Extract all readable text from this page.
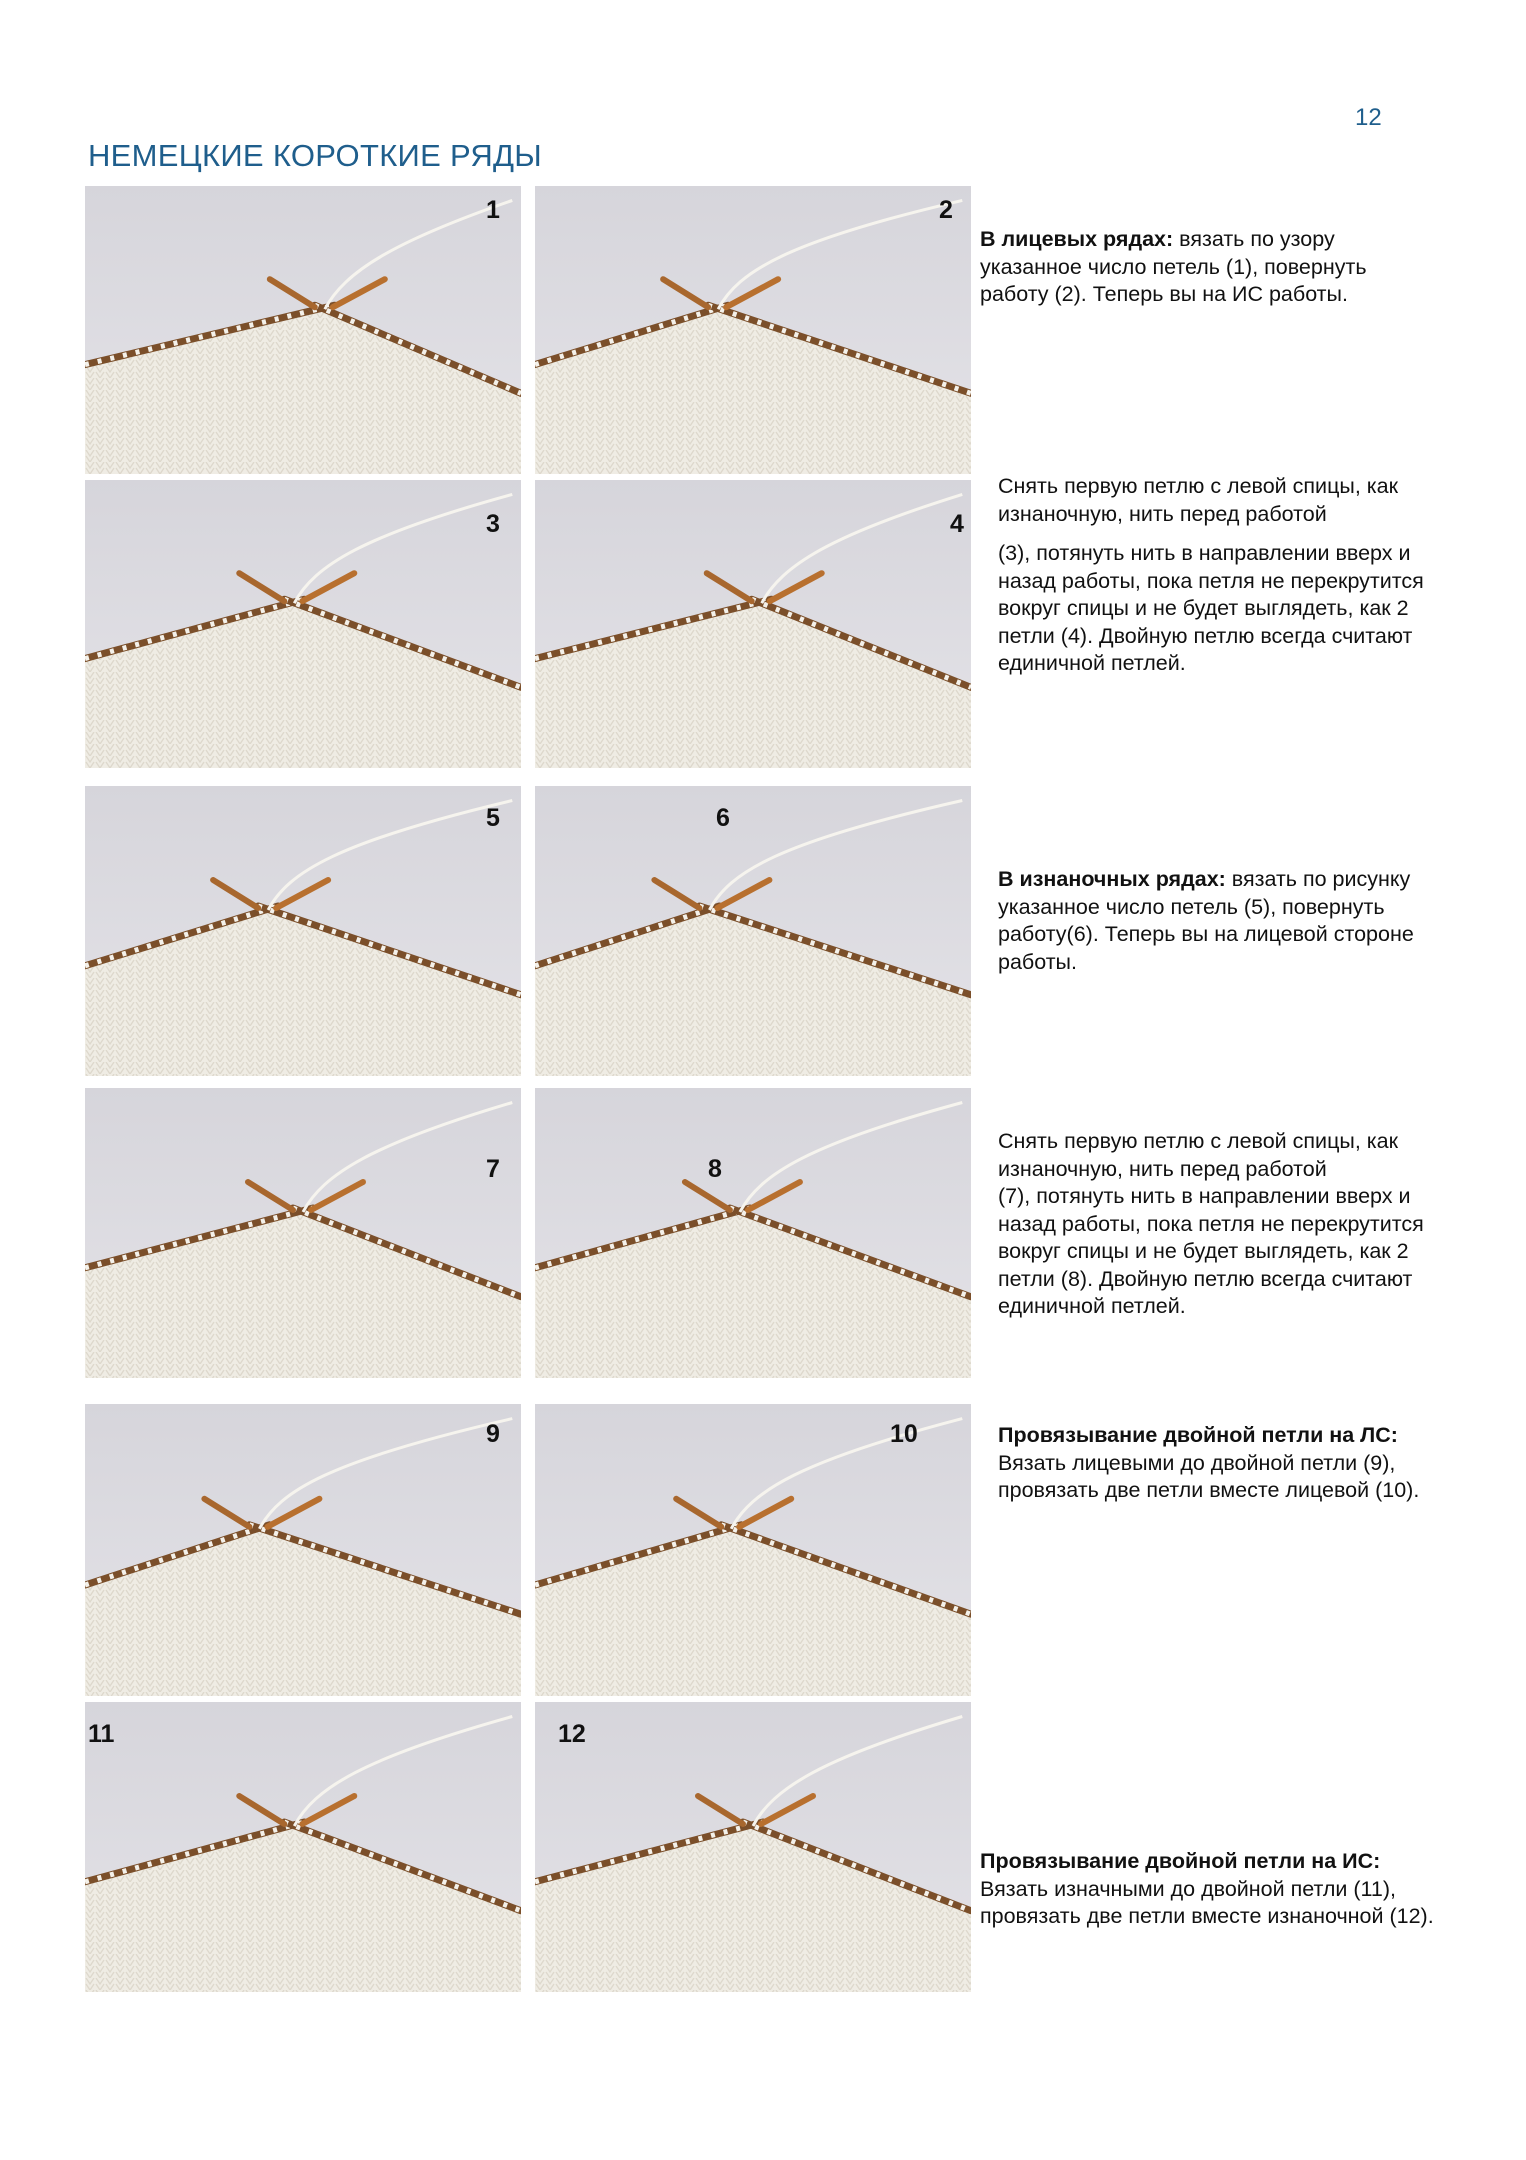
12
НЕМЕЦКИЕ КОРОТКИЕ РЯДЫ
1	2
3	4
5	6
7	8
9	10
11	12

В лицевых рядах: вязать по узору указанное число петель (1), повернуть работу (2). Теперь вы на ИС работы.

Снять первую петлю с левой спицы, как изнаночную, нить перед работой

(3), потянуть нить в направлении вверх и назад работы, пока петля не перекрутится вокруг спицы и не будет выглядеть, как 2 петли (4). Двойную петлю всегда считают единичной петлей.

В изнаночных рядах: вязать по рисунку указанное число петель (5), повернуть работу(6). Теперь вы на лицевой стороне работы.

Снять первую петлю с левой спицы, как изнаночную, нить перед работой

(7), потянуть нить в направлении вверх и назад работы, пока петля не перекрутится вокруг спицы и не будет выглядеть, как 2 петли (8). Двойную петлю всегда считают единичной петлей.

Провязывание двойной петли на ЛС: Вязать лицевыми до двойной петли (9), провязать две петли вместе лицевой (10).

Провязывание двойной петли на ИС:
Вязать изначными до двойной петли (11), провязать две петли вместе изнаночной (12).
